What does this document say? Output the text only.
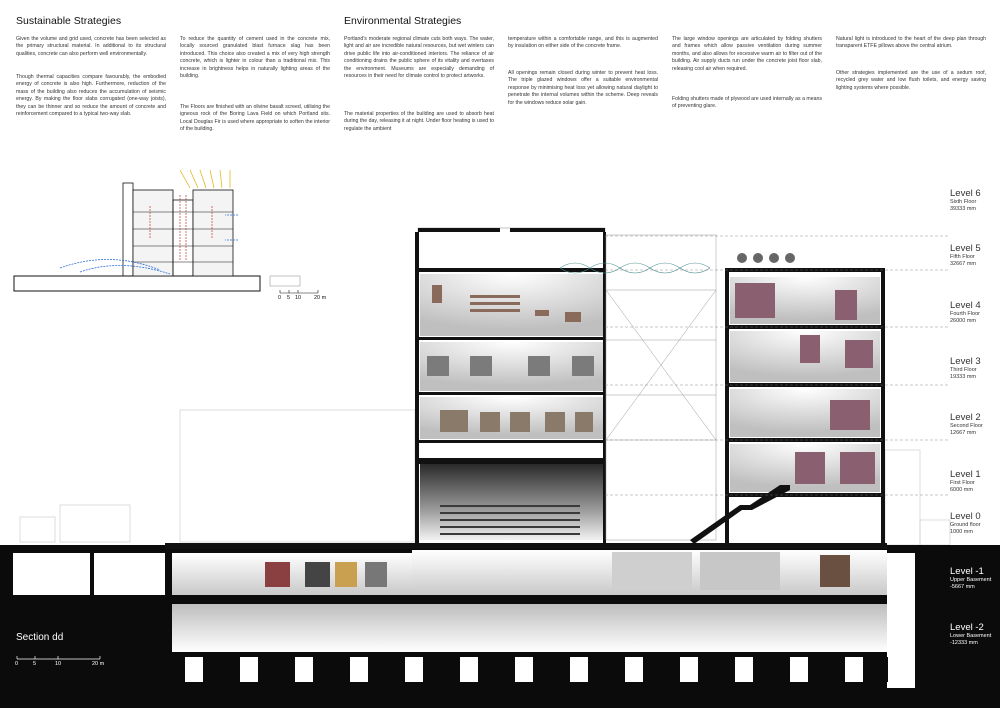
Sustainable Strategies
Given the volume and grid used, concrete has been selected as the primary structural material. In additional to its structural qualities, concrete can also perform well environmentally.
Though thermal capacities compare favourably, the embodied energy of concrete is also high. Furthermore, reduction of the mass of the building also reduces the accumulation of seismic energy. By making the floor slabs corrugated (one-way joists), they can be thinner and so reduce the amount of concrete and reinforcement compared to a typical two-way slab.
To reduce the quantity of cement used in the concrete mix, locally sourced granulated blast furnace slag has been introduced. This choice also created a mix of very high strength concrete, which is lighter in colour than a traditional mix. This increase in brightness helps in naturally lighting areas of the building.
The Floors are finished with an olivine basalt screed, utilising the igneous rock of the Boring Lava Field on which Portland sits. Local Douglas Fir is used where appropriate to soften the interior of the building.
Environmental Strategies
Portland's moderate regional climate cuts both ways. The water, light and air are incredible natural resources, but wet winters can drive public life into air-conditioned interiors. The reliance of air conditioning drains the public sphere of its vitality and overtaxes the environment. Museums are especially demanding of resources in their need for climate control to protect artworks.
The material properties of the building are used to absorb heat during the day, releasing it at night. Under floor heating is used to regulate the ambient
temperature within a comfortable range, and this is augmented by insulation on either side of the concrete frame.
All openings remain closed during winter to prevent heat loss. The triple glazed windows offer a suitable environmental response by minimising heat loss yet allowing natural daylight to penetrate the internal volumes within the scheme. Deep reveals for the windows reduce solar gain.
The large window openings are articulated by folding shutters and frames which allow passive ventilation during summer months, and also allows for excessive warm air to filter out of the building. Air supply ducts run under the concrete joist floor slab, releasing cool air when required.
Folding shutters made of plywood are used internally as a means of preventing glare.
Natural light is introduced to the heart of the deep plan through transparent ETFE pillows above the central atrium.
Other strategies implemented are the use of a sedum roof, recycled grey water and low flush toilets, and energy saving lighting systems where possible.
Level 6
Sixth Floor
39333 mm
Level 5
Fifth Floor
32667 mm
Level 4
Fourth Floor
26000 mm
Level 3
Third Floor
19333 mm
Level 2
Second Floor
12667 mm
Level 1
First Floor
6000 mm
Level 0
Ground floor
1000 mm
Level -1
Upper Basement
-5667 mm
Level -2
Lower Basement
-12333 mm
Section dd
0	5	10	20 m
0 5 10 20 m
